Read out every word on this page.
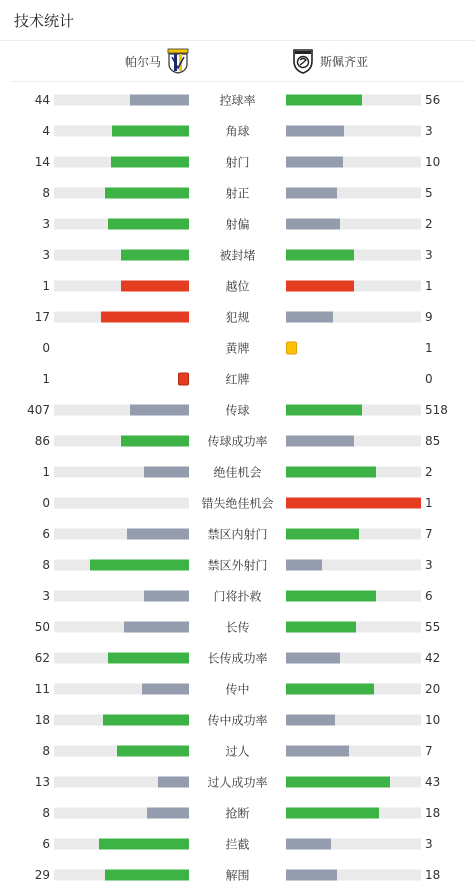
技术统计
帕尔马	斯佩齐亚
44	控球率	56
4	角球	3
14	射门	10
8	射正	5
3	射偏	2
3	被封堵	3
1	越位	1
17	犯规	9
0	黄牌	1
1	红牌	0
407	传球	518
86	传球成功率	85
1	绝佳机会	2
0	错失绝佳机会	1
6	禁区内射门	7
8	禁区外射门	3
3	门将扑救	6
50	长传	55
62	长传成功率	42
11	传中	20
18	传中成功率	10
8	过人	7
13	过人成功率	43
8	抢断	18
6	拦截	3
29	解围	18
